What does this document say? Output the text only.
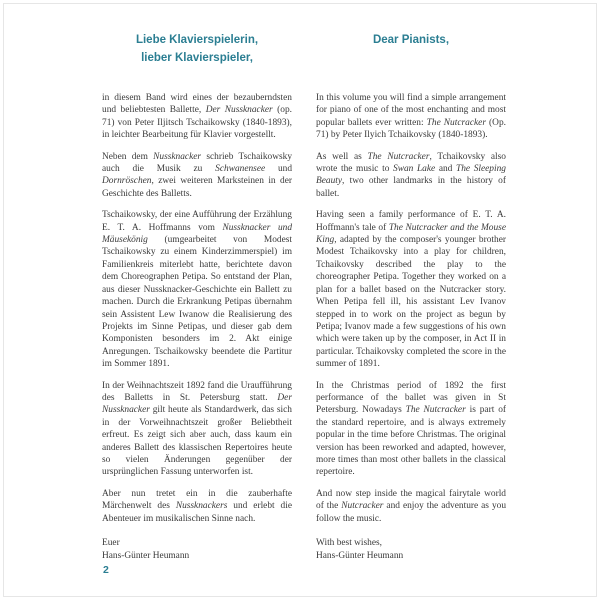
Liebe Klavierspielerin,
lieber Klavierspieler,

in diesem Band wird eines der bezauberndsten und beliebtesten Ballette, Der Nussknacker (op. 71) von Peter Iljitsch Tschaikowsky (1840-1893), in leichter Bearbeitung für Klavier vorgestellt.

Neben dem Nussknacker schrieb Tschaikowsky auch die Musik zu Schwanensee und Dornröschen, zwei weiteren Marksteinen in der Geschichte des Balletts.

Tschaikowsky, der eine Aufführung der Erzählung E. T. A. Hoffmanns vom Nussknacker und Mäusekönig (umgearbeitet von Modest Tschaikowsky zu einem Kinderzimmerspiel) im Familienkreis miterlebt hatte, berichtete davon dem Choreographen Petipa. So entstand der Plan, aus dieser Nussknacker-Geschichte ein Ballett zu machen. Durch die Erkrankung Petipas übernahm sein Assistent Lew Iwanow die Realisierung des Projekts im Sinne Petipas, und dieser gab dem Komponisten besonders im 2. Akt einige Anregungen. Tschaikowsky beendete die Partitur im Sommer 1891.

In der Weihnachtszeit 1892 fand die Uraufführung des Balletts in St. Petersburg statt. Der Nussknacker gilt heute als Standardwerk, das sich in der Vorweihnachtszeit großer Beliebtheit erfreut. Es zeigt sich aber auch, dass kaum ein anderes Ballett des klassischen Repertoires heute so vielen Änderungen gegenüber der ursprünglichen Fassung unterworfen ist.

Aber nun tretet ein in die zauberhafte Märchenwelt des Nussknackers und erlebt die Abenteuer im musikalischen Sinne nach.

Euer
Hans-Günter Heumann
Dear Pianists,

In this volume you will find a simple arrangement for piano of one of the most enchanting and most popular ballets ever written: The Nutcracker (Op. 71) by Peter Ilyich Tchaikovsky (1840-1893).

As well as The Nutcracker, Tchaikovsky also wrote the music to Swan Lake and The Sleeping Beauty, two other landmarks in the history of ballet.

Having seen a family performance of E. T. A. Hoffmann's tale of The Nutcracker and the Mouse King, adapted by the composer's younger brother Modest Tchaikovsky into a play for children, Tchaikovsky described the play to the choreographer Petipa. Together they worked on a plan for a ballet based on the Nutcracker story. When Petipa fell ill, his assistant Lev Ivanov stepped in to work on the project as begun by Petipa; Ivanov made a few suggestions of his own which were taken up by the composer, in Act II in particular. Tchaikovsky completed the score in the summer of 1891.

In the Christmas period of 1892 the first performance of the ballet was given in St Petersburg. Nowadays The Nutcracker is part of the standard repertoire, and is always extremely popular in the time before Christmas. The original version has been reworked and adapted, however, more times than most other ballets in the classical repertoire.

And now step inside the magical fairytale world of the Nutcracker and enjoy the adventure as you follow the music.

With best wishes,
Hans-Günter Heumann
2
